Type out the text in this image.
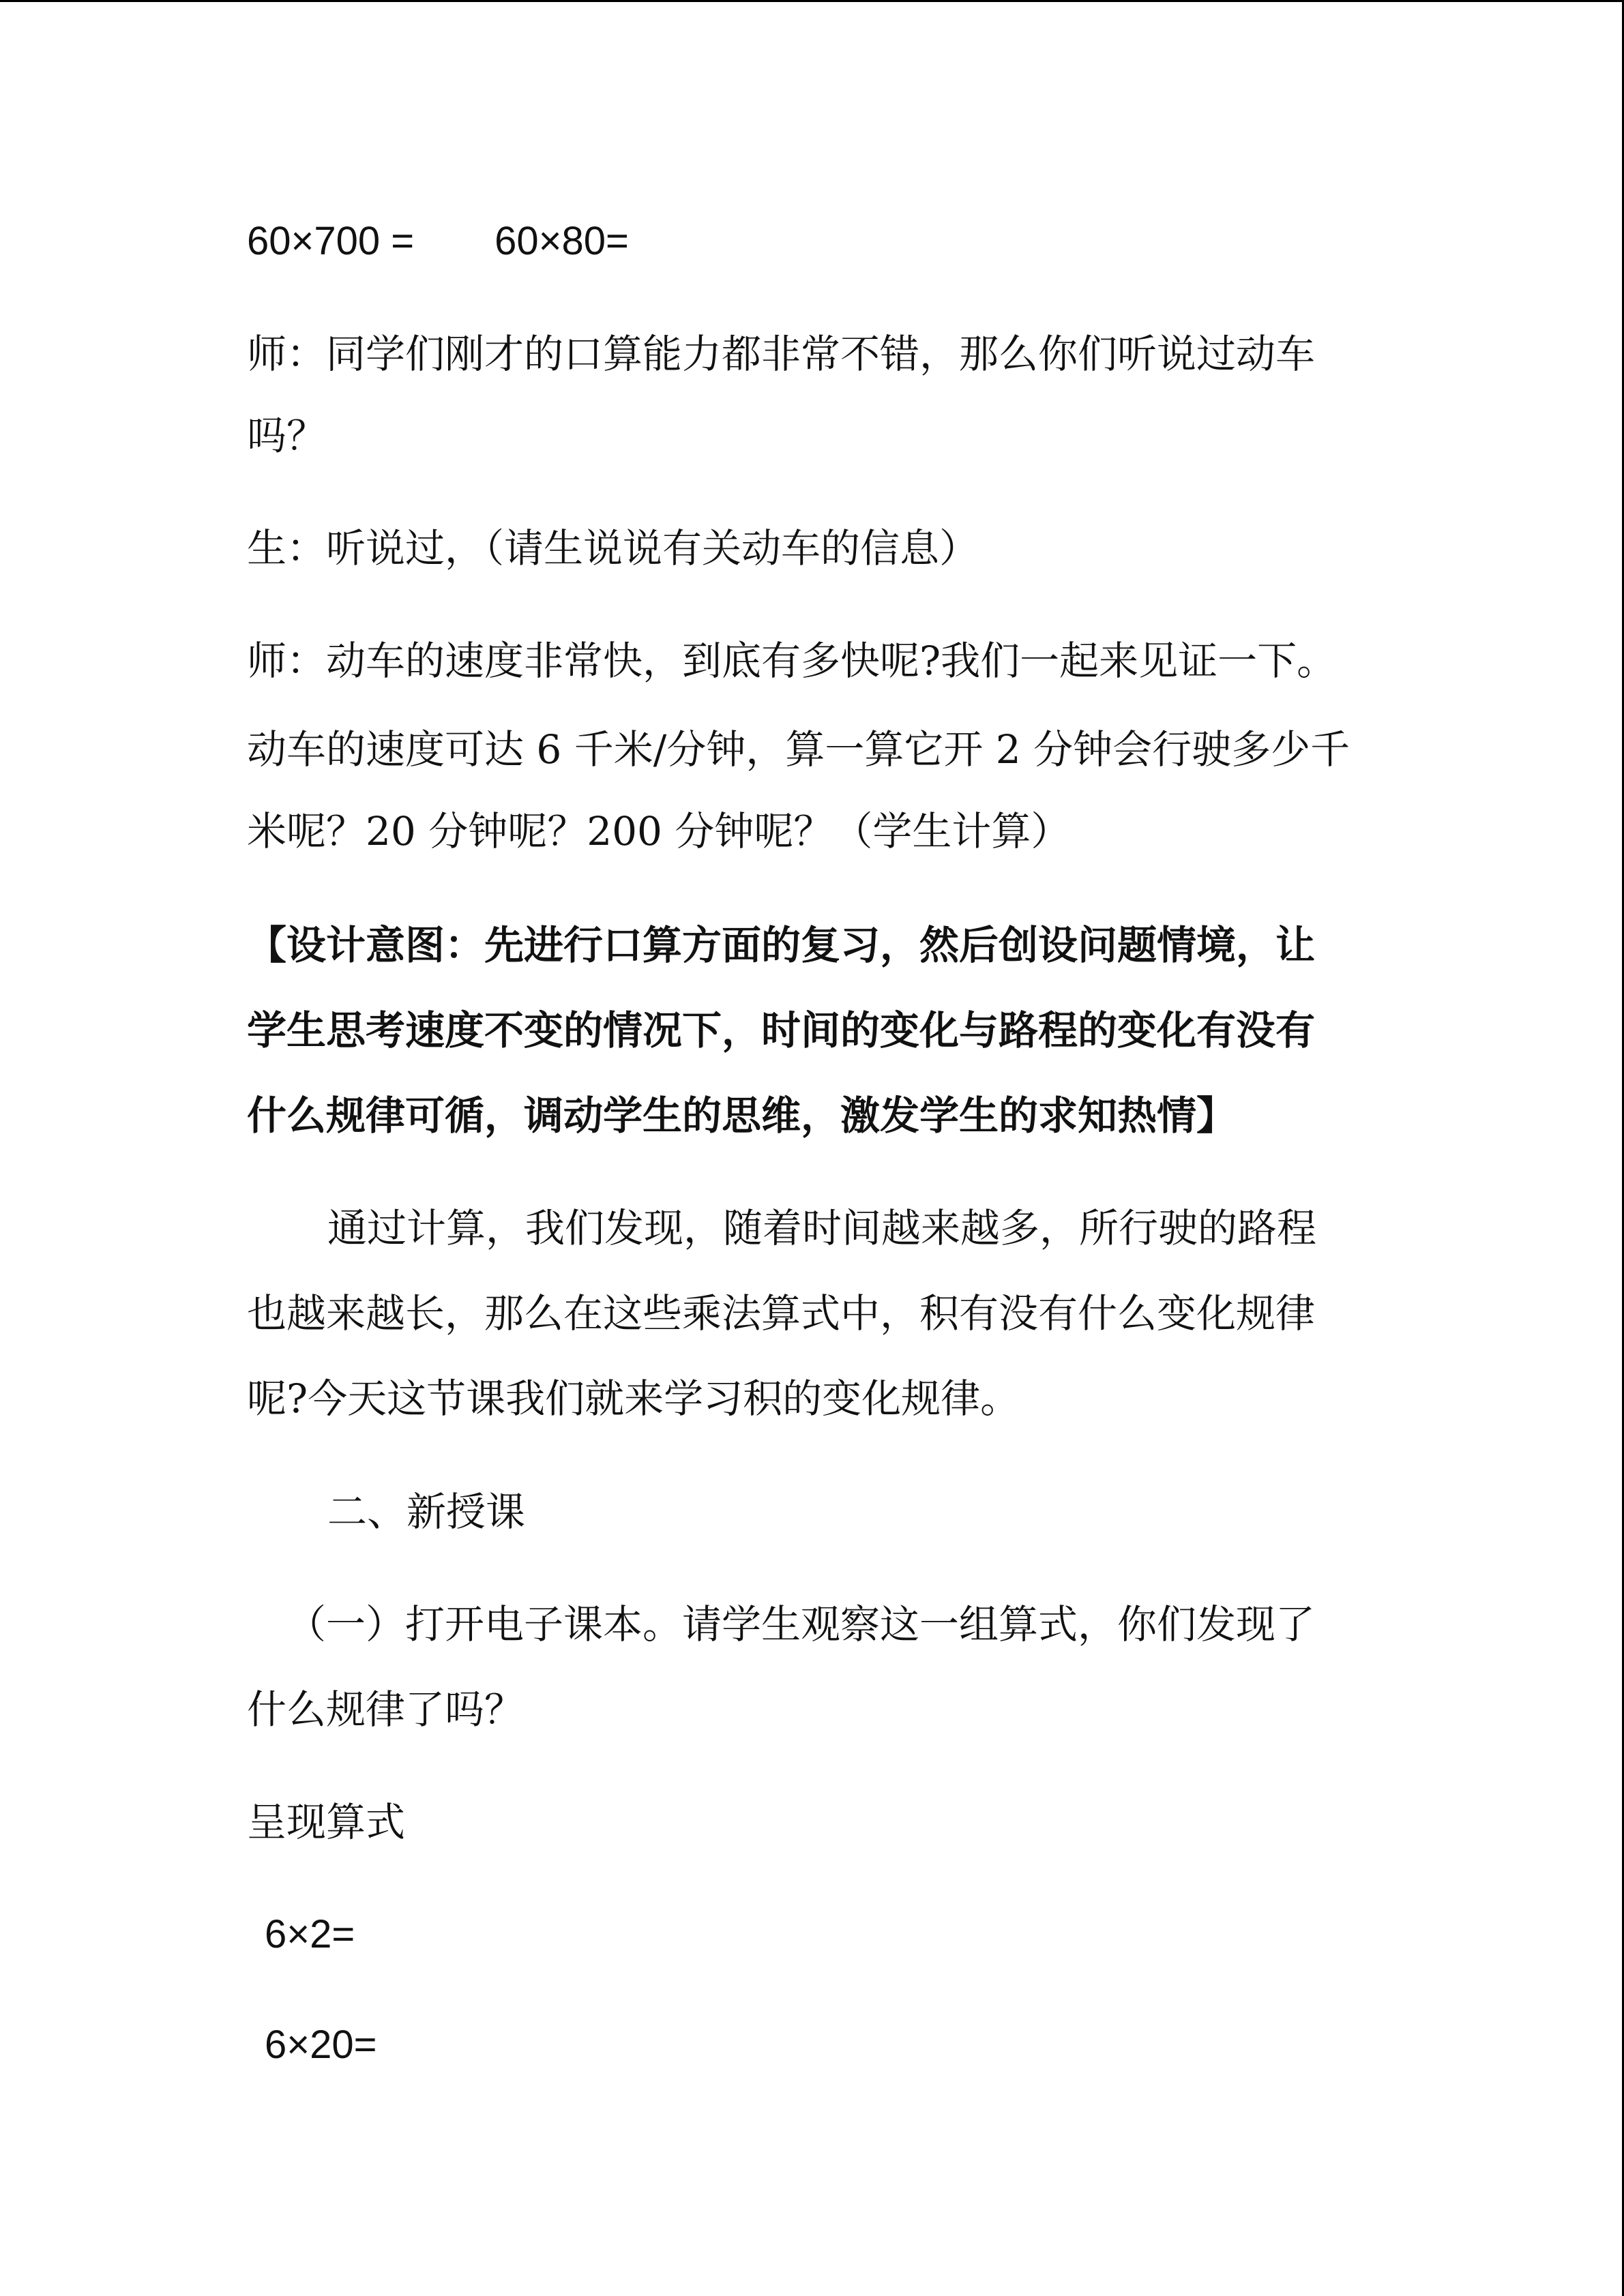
60×700 = 60×80=
师：同学们刚才的口算能力都非常不错，那么你们听说过动车
吗？
生：听说过，（请生说说有关动车的信息）
师：动车的速度非常快，到底有多快呢?我们一起来见证一下。
动车的速度可达 6 千米/分钟，算一算它开 2 分钟会行驶多少千
米呢？20 分钟呢？200 分钟呢？（学生计算）
【设计意图：先进行口算方面的复习，然后创设问题情境，让
学生思考速度不变的情况下，时间的变化与路程的变化有没有
什么规律可循，调动学生的思维，激发学生的求知热情】
通过计算，我们发现，随着时间越来越多，所行驶的路程
也越来越长，那么在这些乘法算式中，积有没有什么变化规律
呢?今天这节课我们就来学习积的变化规律。
二、新授课
（一）打开电子课本。请学生观察这一组算式，你们发现了
什么规律了吗？
呈现算式
6×2=
6×20=
